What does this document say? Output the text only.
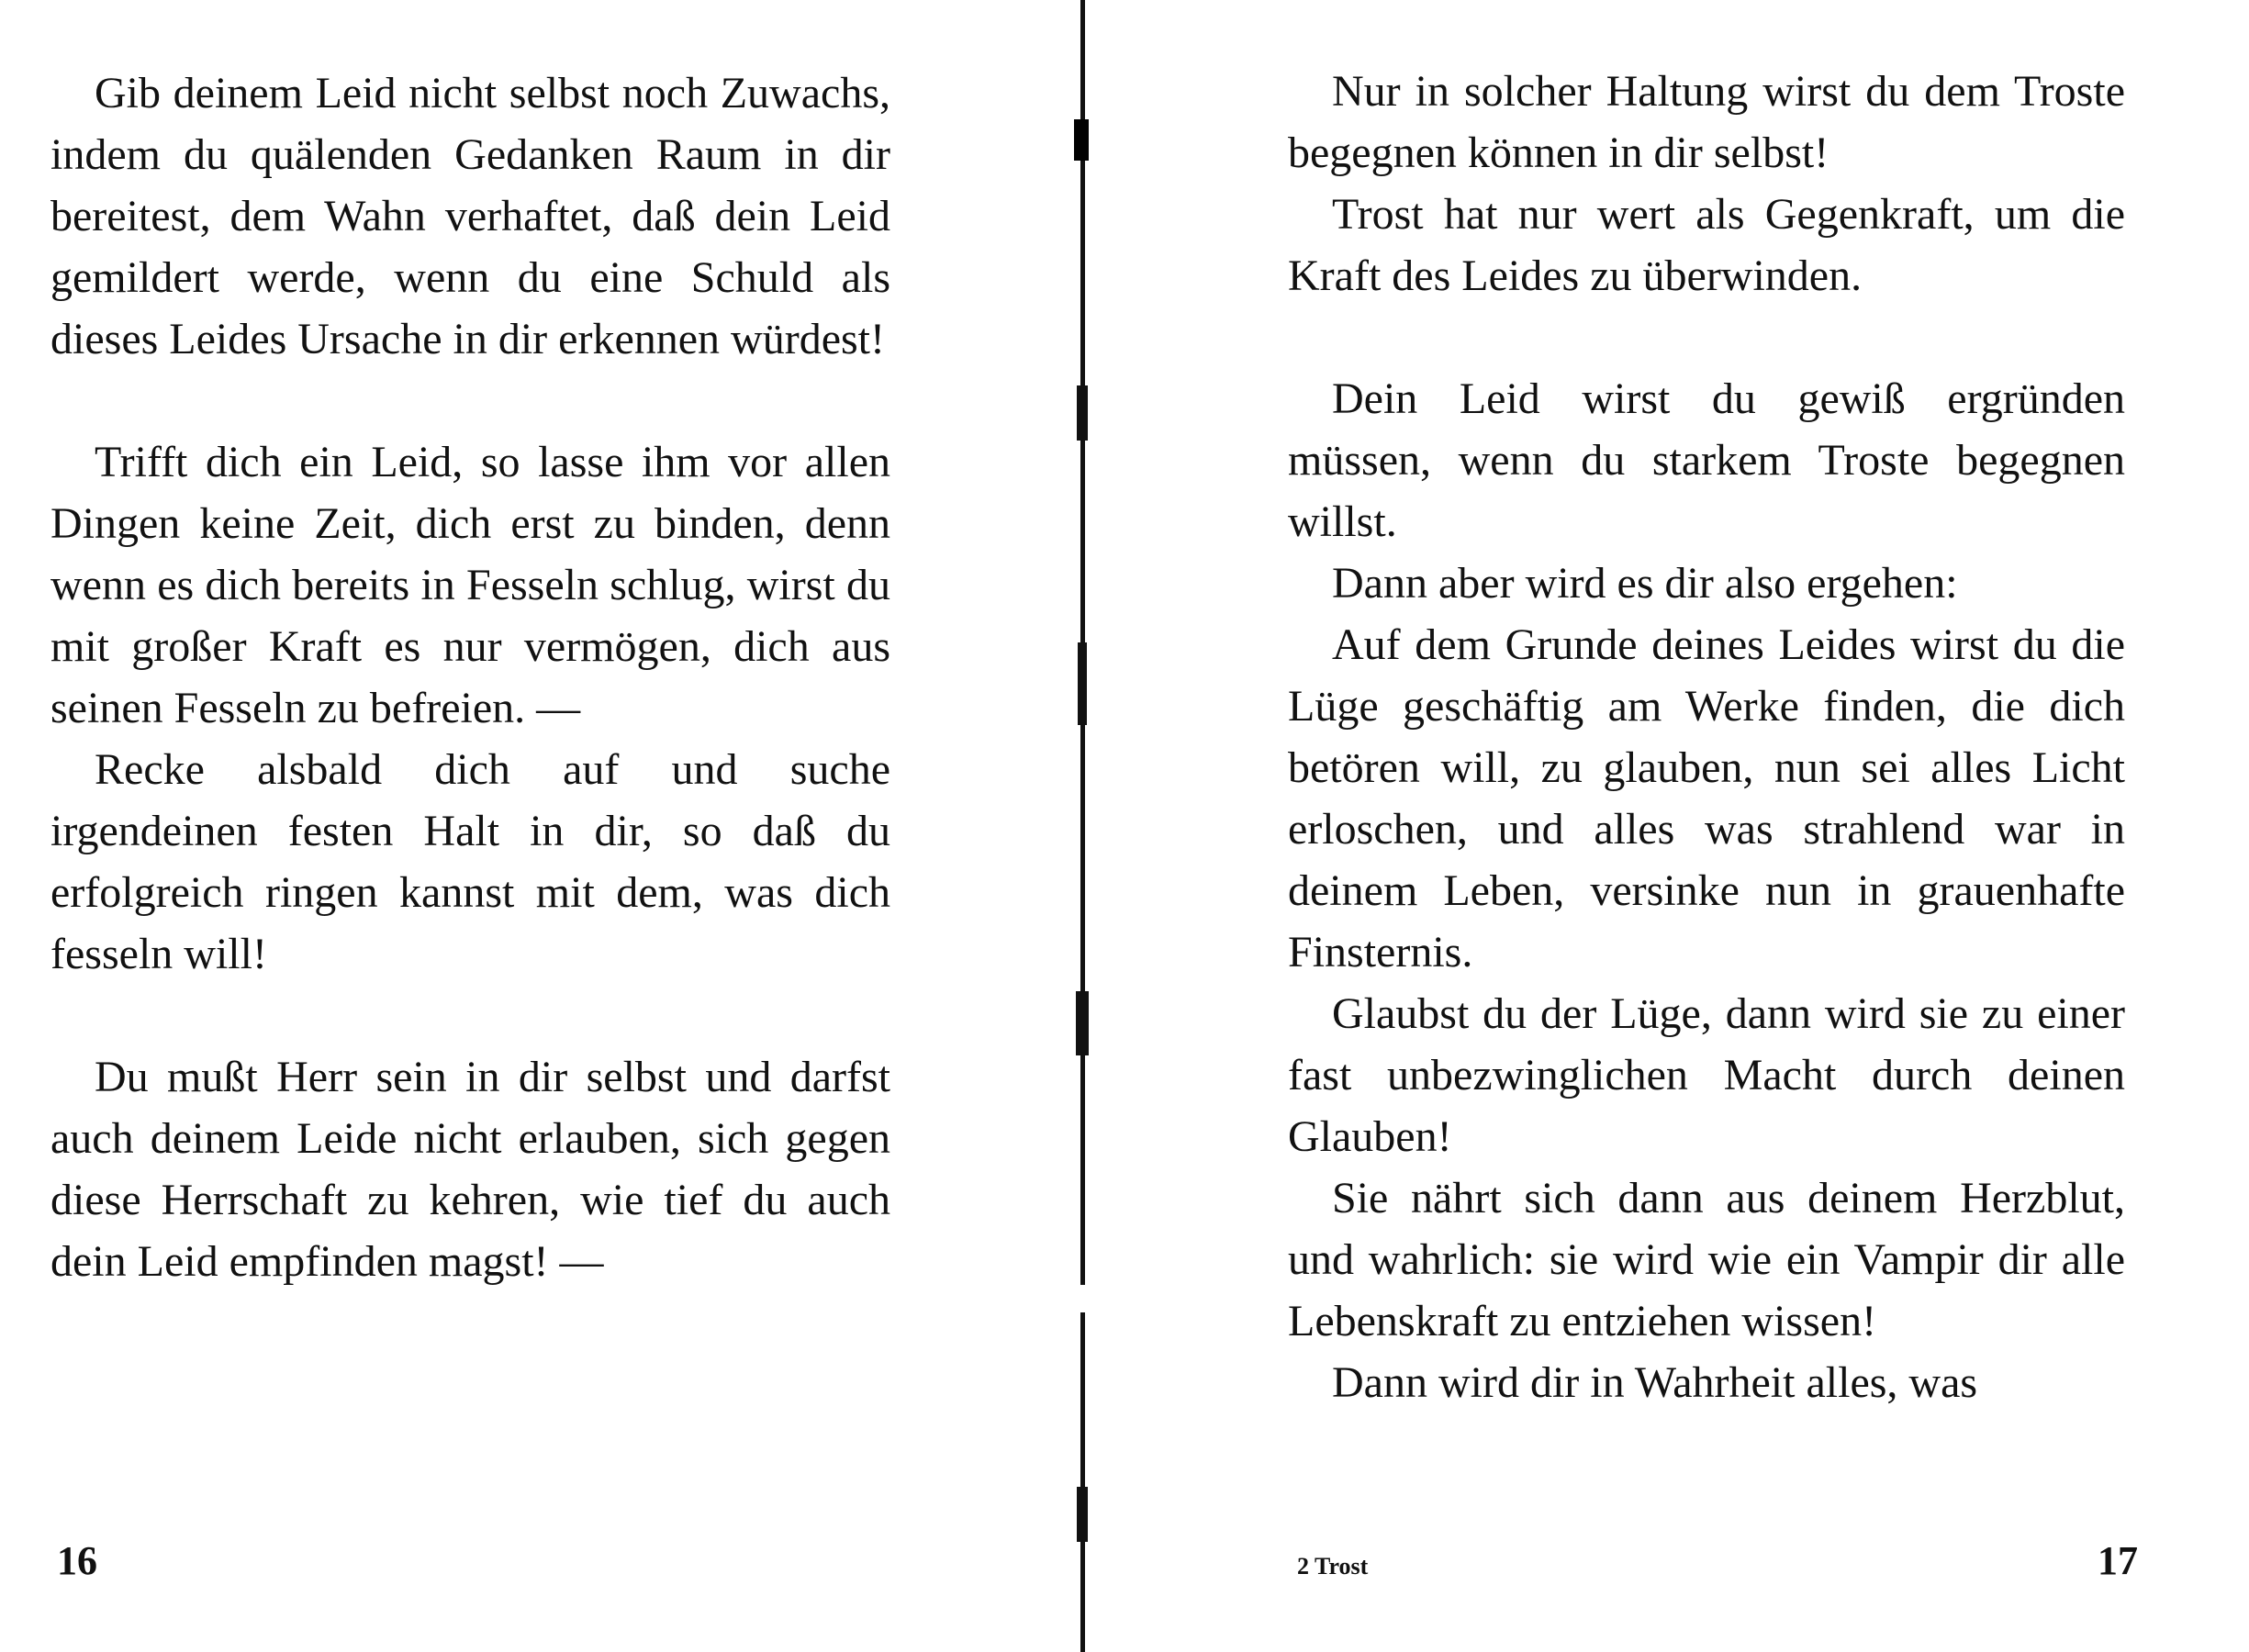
Gib deinem Leid nicht selbst noch Zuwachs, indem du quälenden Gedanken Raum in dir bereitest, dem Wahn verhaftet, daß dein Leid gemildert werde, wenn du eine Schuld als dieses Leides Ursache in dir erkennen würdest!

Trifft dich ein Leid, so lasse ihm vor allen Dingen keine Zeit, dich erst zu binden, denn wenn es dich bereits in Fesseln schlug, wirst du mit großer Kraft es nur vermögen, dich aus seinen Fesseln zu befreien. —

Recke alsbald dich auf und suche irgendeinen festen Halt in dir, so daß du erfolgreich ringen kannst mit dem, was dich fesseln will!

Du mußt Herr sein in dir selbst und darfst auch deinem Leide nicht erlauben, sich gegen diese Herrschaft zu kehren, wie tief du auch dein Leid empfinden magst! —

16

Nur in solcher Haltung wirst du dem Troste begegnen können in dir selbst!

Trost hat nur wert als Gegenkraft, um die Kraft des Leides zu überwinden.

Dein Leid wirst du gewiß ergründen müssen, wenn du starkem Troste begegnen willst.

Dann aber wird es dir also ergehen:

Auf dem Grunde deines Leides wirst du die Lüge geschäftig am Werke finden, die dich betören will, zu glauben, nun sei alles Licht erloschen, und alles was strahlend war in deinem Leben, versinke nun in grauenhafte Finsternis.

Glaubst du der Lüge, dann wird sie zu einer fast unbezwinglichen Macht durch deinen Glauben!

Sie nährt sich dann aus deinem Herzblut, und wahrlich: sie wird wie ein Vampir dir alle Lebenskraft zu entziehen wissen!

Dann wird dir in Wahrheit alles, was

2 Trost	17
